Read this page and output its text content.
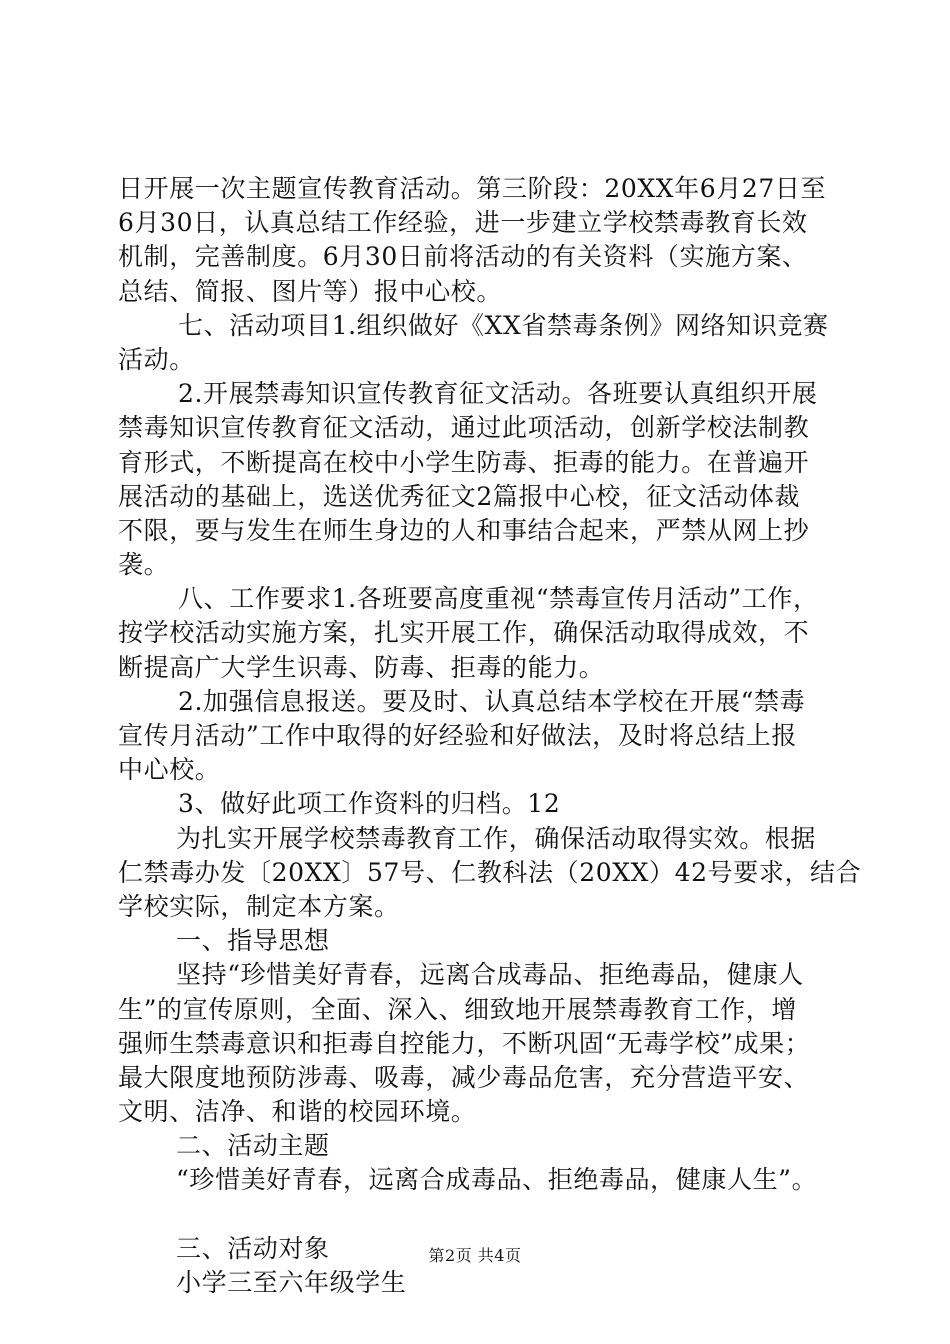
日开展一次主题宣传教育活动。第三阶段：20XX年6月27日至
6月30日，认真总结工作经验，进一步建立学校禁毒教育长效
机制，完善制度。6月30日前将活动的有关资料（实施方案、
总结、简报、图片等）报中心校。
七、活动项目1.组织做好《XX省禁毒条例》网络知识竞赛
活动。
2.开展禁毒知识宣传教育征文活动。各班要认真组织开展
禁毒知识宣传教育征文活动，通过此项活动，创新学校法制教
育形式，不断提高在校中小学生防毒、拒毒的能力。在普遍开
展活动的基础上，选送优秀征文2篇报中心校，征文活动体裁
不限，要与发生在师生身边的人和事结合起来，严禁从网上抄
袭。
八、工作要求1.各班要高度重视“禁毒宣传月活动”工作，
按学校活动实施方案，扎实开展工作，确保活动取得成效，不
断提高广大学生识毒、防毒、拒毒的能力。
2.加强信息报送。要及时、认真总结本学校在开展“禁毒
宣传月活动”工作中取得的好经验和好做法，及时将总结上报
中心校。
3、做好此项工作资料的归档。12
为扎实开展学校禁毒教育工作，确保活动取得实效。根据
仁禁毒办发〔20XX〕57号、仁教科法（20XX）42号要求，结合
学校实际，制定本方案。
一、指导思想
坚持“珍惜美好青春，远离合成毒品、拒绝毒品，健康人
生”的宣传原则，全面、深入、细致地开展禁毒教育工作，增
强师生禁毒意识和拒毒自控能力，不断巩固“无毒学校”成果；
最大限度地预防涉毒、吸毒，减少毒品危害，充分营造平安、
文明、洁净、和谐的校园环境。
二、活动主题
“珍惜美好青春，远离合成毒品、拒绝毒品，健康人生”。
三、活动对象
小学三至六年级学生
第2页 共4页
